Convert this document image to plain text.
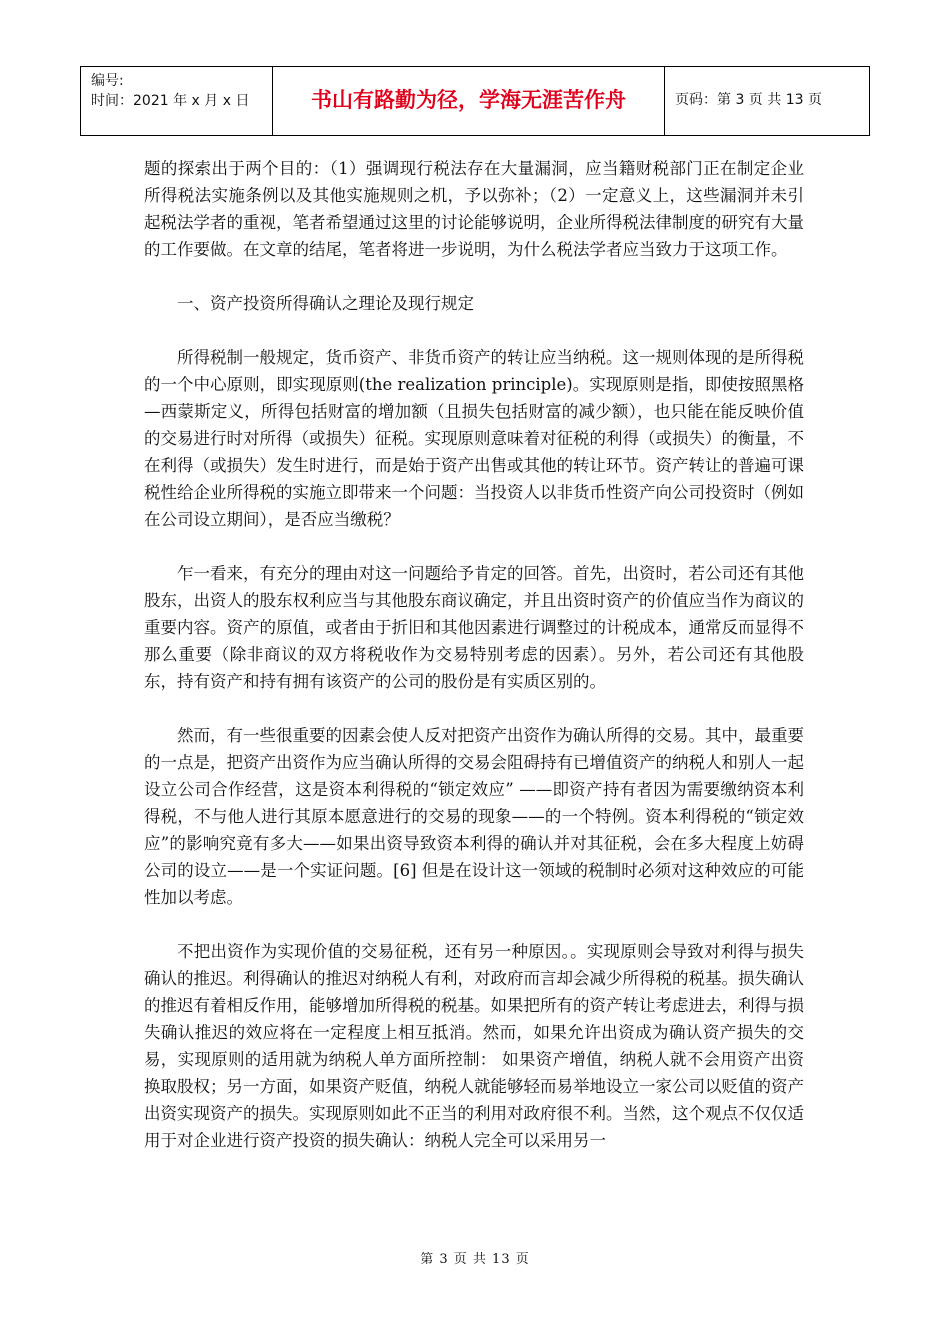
编号:
时间：2021 年 x 月 x 日	书山有路勤为径，学海无涯苦作舟	页码：第 3 页 共 13 页

题的探索出于两个目的：（1）强调现行税法存在大量漏洞，应当籍财税部门正在制定企业所得税法实施条例以及其他实施规则之机，予以弥补；（2）一定意义上，这些漏洞并未引起税法学者的重视，笔者希望通过这里的讨论能够说明，企业所得税法律制度的研究有大量的工作要做。在文章的结尾，笔者将进一步说明，为什么税法学者应当致力于这项工作。

一、资产投资所得确认之理论及现行规定

所得税制一般规定，货币资产、非货币资产的转让应当纳税。这一规则体现的是所得税的一个中心原则，即实现原则(the realization principle)。实现原则是指，即使按照黑格—西蒙斯定义，所得包括财富的增加额（且损失包括财富的减少额），也只能在能反映价值的交易进行时对所得（或损失）征税。实现原则意味着对征税的利得（或损失）的衡量，不在利得（或损失）发生时进行，而是始于资产出售或其他的转让环节。资产转让的普遍可课税性给企业所得税的实施立即带来一个问题：当投资人以非货币性资产向公司投资时（例如在公司设立期间），是否应当缴税？

乍一看来，有充分的理由对这一问题给予肯定的回答。首先，出资时，若公司还有其他股东，出资人的股东权利应当与其他股东商议确定，并且出资时资产的价值应当作为商议的重要内容。资产的原值，或者由于折旧和其他因素进行调整过的计税成本，通常反而显得不那么重要（除非商议的双方将税收作为交易特别考虑的因素）。另外，若公司还有其他股东，持有资产和持有拥有该资产的公司的股份是有实质区别的。

然而，有一些很重要的因素会使人反对把资产出资作为确认所得的交易。其中，最重要的一点是，把资产出资作为应当确认所得的交易会阻碍持有已增值资产的纳税人和别人一起设立公司合作经营，这是资本利得税的“锁定效应” ——即资产持有者因为需要缴纳资本利得税，不与他人进行其原本愿意进行的交易的现象——的一个特例。资本利得税的“锁定效应”的影响究竟有多大——如果出资导致资本利得的确认并对其征税，会在多大程度上妨碍公司的设立——是一个实证问题。[6] 但是在设计这一领域的税制时必须对这种效应的可能性加以考虑。

不把出资作为实现价值的交易征税，还有另一种原因。。实现原则会导致对利得与损失确认的推迟。利得确认的推迟对纳税人有利，对政府而言却会减少所得税的税基。损失确认的推迟有着相反作用，能够增加所得税的税基。如果把所有的资产转让考虑进去，利得与损失确认推迟的效应将在一定程度上相互抵消。然而，如果允许出资成为确认资产损失的交易，实现原则的适用就为纳税人单方面所控制： 如果资产增值，纳税人就不会用资产出资换取股权；另一方面，如果资产贬值，纳税人就能够轻而易举地设立一家公司以贬值的资产出资实现资产的损失。实现原则如此不正当的利用对政府很不利。当然，这个观点不仅仅适用于对企业进行资产投资的损失确认：纳税人完全可以采用另一

第 3 页 共 13 页
